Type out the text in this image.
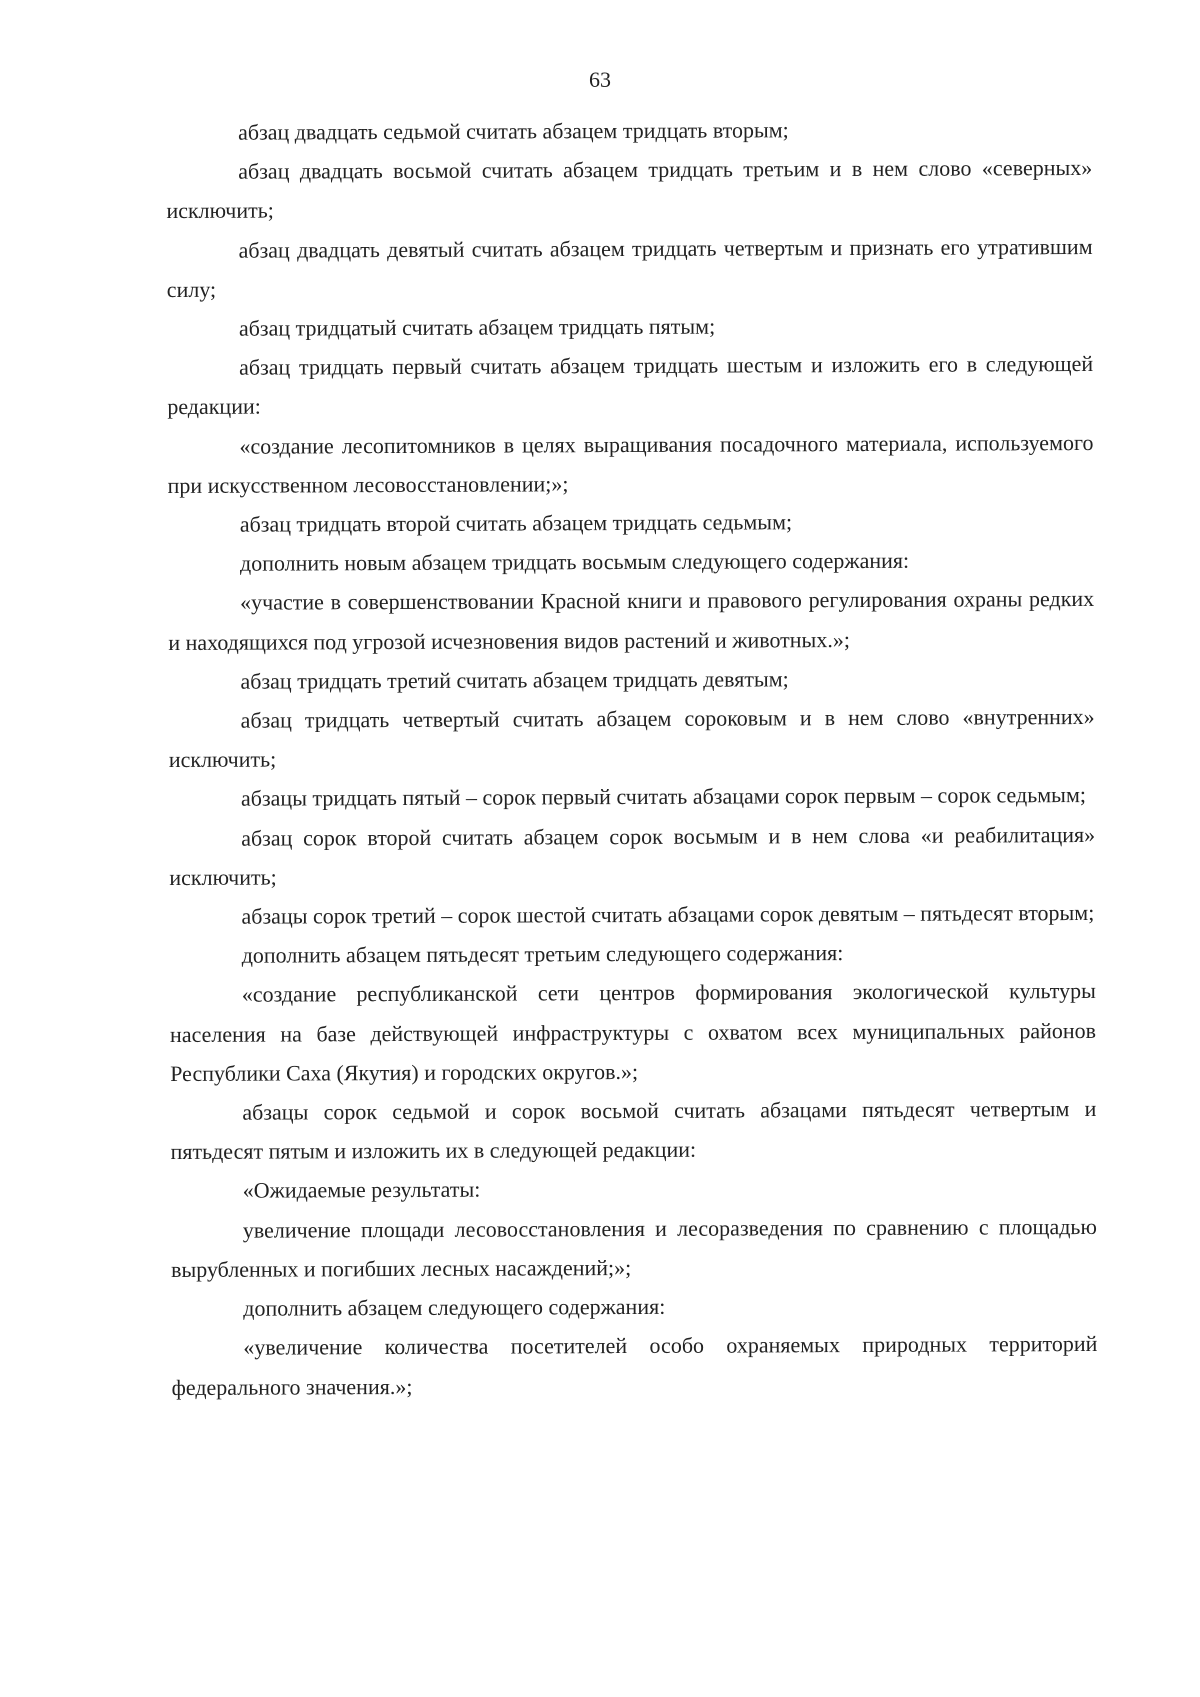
63

абзац двадцать седьмой считать абзацем тридцать вторым;

абзац двадцать восьмой считать абзацем тридцать третьим и в нем слово «северных» исключить;

абзац двадцать девятый считать абзацем тридцать четвертым и признать его утратившим силу;

абзац тридцатый считать абзацем тридцать пятым;

абзац тридцать первый считать абзацем тридцать шестым и изложить его в следующей редакции:

«создание лесопитомников в целях выращивания посадочного материала, используемого при искусственном лесовосстановлении;»;

абзац тридцать второй считать абзацем тридцать седьмым;

дополнить новым абзацем тридцать восьмым следующего содержания:

«участие в совершенствовании Красной книги и правового регулирования охраны редких и находящихся под угрозой исчезновения видов растений и животных.»;

абзац тридцать третий считать абзацем тридцать девятым;

абзац тридцать четвертый считать абзацем сороковым и в нем слово «внутренних» исключить;

абзацы тридцать пятый – сорок первый считать абзацами сорок первым – сорок седьмым;

абзац сорок второй считать абзацем сорок восьмым и в нем слова «и реабилитация» исключить;

абзацы сорок третий – сорок шестой считать абзацами сорок девятым – пятьдесят вторым;

дополнить абзацем пятьдесят третьим следующего содержания:

«создание республиканской сети центров формирования экологической культуры населения на базе действующей инфраструктуры с охватом всех муниципальных районов Республики Саха (Якутия) и городских округов.»;

абзацы сорок седьмой и сорок восьмой считать абзацами пятьдесят четвертым и пятьдесят пятым и изложить их в следующей редакции:

«Ожидаемые результаты:

увеличение площади лесовосстановления и лесоразведения по сравнению с площадью вырубленных и погибших лесных насаждений;»;

дополнить абзацем следующего содержания:

«увеличение количества посетителей особо охраняемых природных территорий федерального значения.»;
